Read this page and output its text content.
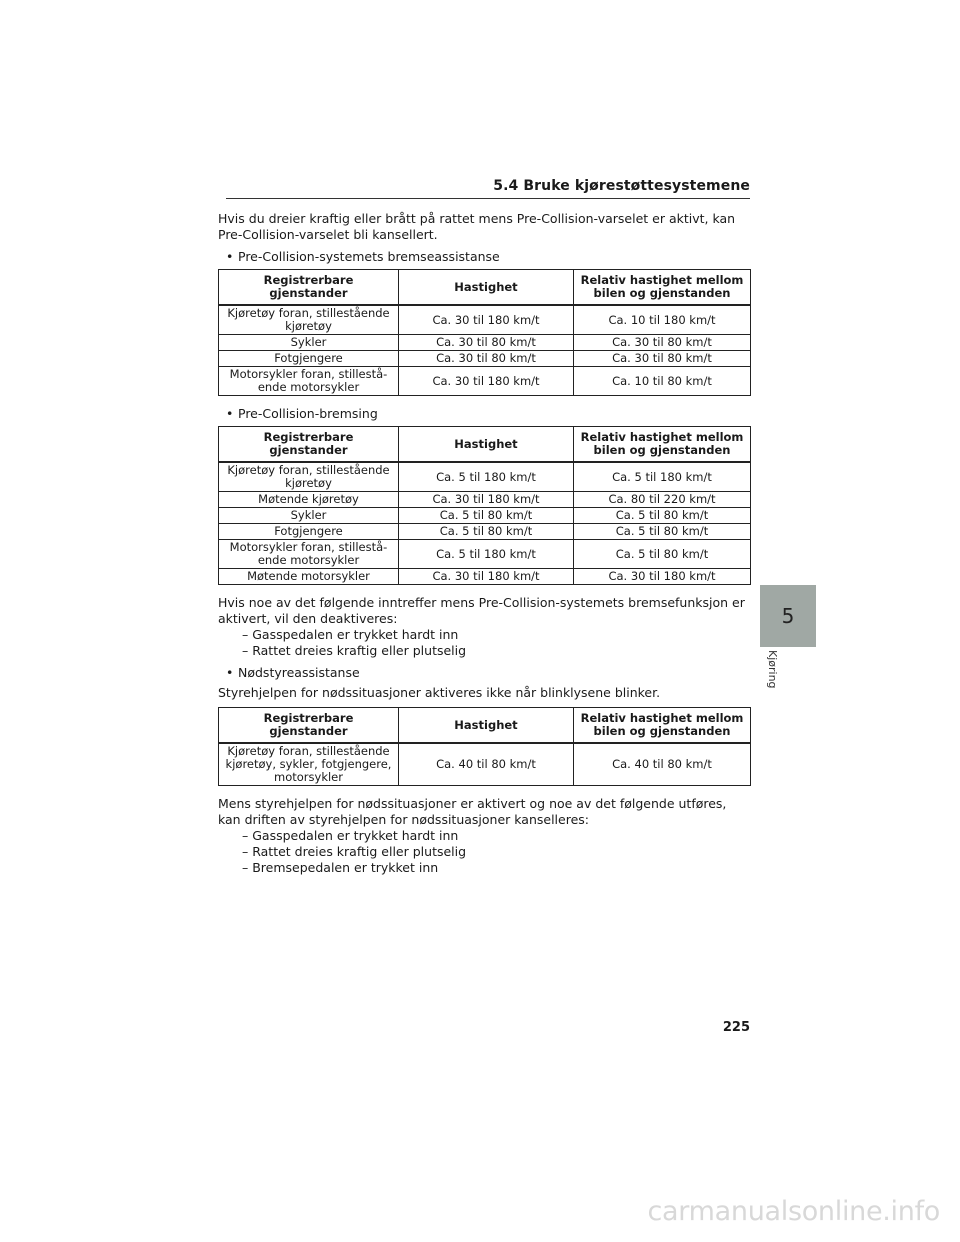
5.4 Bruke kjørestøttesystemene

Hvis du dreier kraftig eller brått på rattet mens Pre-Collision-varselet er aktivt, kan Pre-Collision-varselet bli kansellert.

• Pre-Collision-systemets bremseassistanse

Registrerbare gjenstander	Hastighet	Relativ hastighet mellom bilen og gjenstanden
Kjøretøy foran, stillestående kjøretøy	Ca. 30 til 180 km/t	Ca. 10 til 180 km/t
Sykler	Ca. 30 til 80 km/t	Ca. 30 til 80 km/t
Fotgjengere	Ca. 30 til 80 km/t	Ca. 30 til 80 km/t
Motorsykler foran, stillestå-ende motorsykler	Ca. 30 til 180 km/t	Ca. 10 til 80 km/t

• Pre-Collision-bremsing

Registrerbare gjenstander	Hastighet	Relativ hastighet mellom bilen og gjenstanden
Kjøretøy foran, stillestående kjøretøy	Ca. 5 til 180 km/t	Ca. 5 til 180 km/t
Møtende kjøretøy	Ca. 30 til 180 km/t	Ca. 80 til 220 km/t
Sykler	Ca. 5 til 80 km/t	Ca. 5 til 80 km/t
Fotgjengere	Ca. 5 til 80 km/t	Ca. 5 til 80 km/t
Motorsykler foran, stillestå-ende motorsykler	Ca. 5 til 180 km/t	Ca. 5 til 80 km/t
Møtende motorsykler	Ca. 30 til 180 km/t	Ca. 30 til 180 km/t

Hvis noe av det følgende inntreffer mens Pre-Collision-systemets bremsefunksjon er aktivert, vil den deaktiveres:

– Gasspedalen er trykket hardt inn

– Rattet dreies kraftig eller plutselig

• Nødstyreassistanse

Styrehjelpen for nødssituasjoner aktiveres ikke når blinklysene blinker.

Registrerbare gjenstander	Hastighet	Relativ hastighet mellom bilen og gjenstanden
Kjøretøy foran, stillestående kjøretøy, sykler, fotgjengere, motorsykler	Ca. 40 til 80 km/t	Ca. 40 til 80 km/t

Mens styrehjelpen for nødssituasjoner er aktivert og noe av det følgende utføres, kan driften av styrehjelpen for nødssituasjoner kanselleres:

– Gasspedalen er trykket hardt inn

– Rattet dreies kraftig eller plutselig

– Bremsepedalen er trykket inn

5
Kjøring
225
carmanualsonline.info
